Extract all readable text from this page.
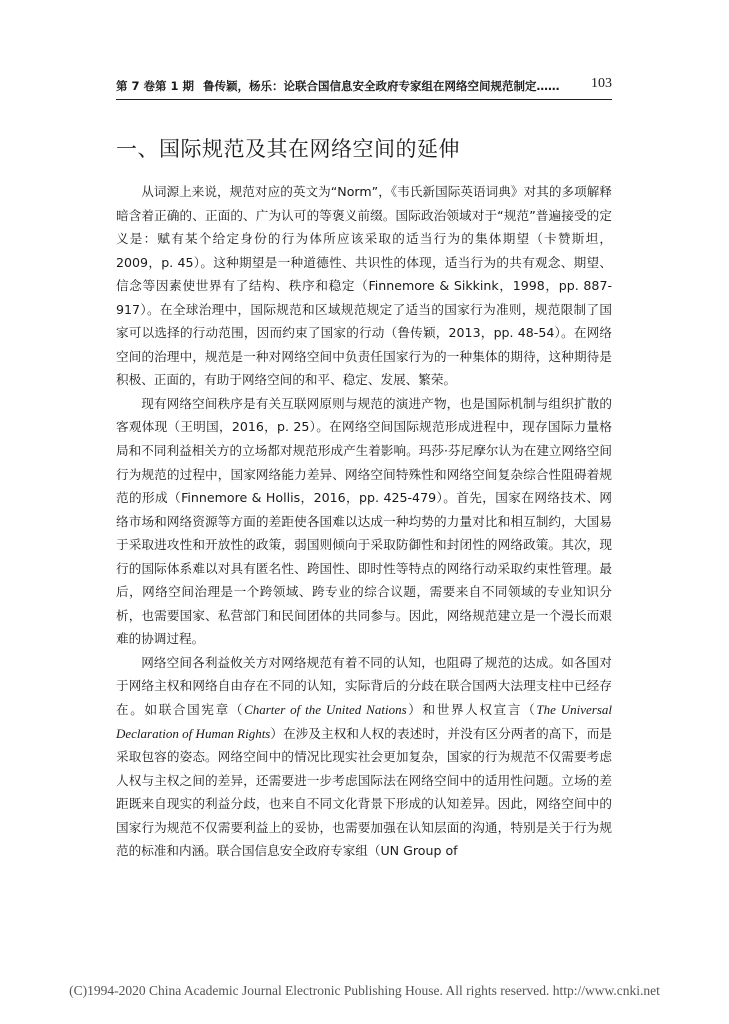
第 7 卷第 1 期 鲁传颖，杨乐：论联合国信息安全政府专家组在网络空间规范制定…… 103
一、国际规范及其在网络空间的延伸

从词源上来说，规范对应的英文为“Norm”，《韦氏新国际英语词典》对其的多项解释暗含着正确的、正面的、广为认可的等褒义前缀。国际政治领域对于“规范”普遍接受的定义是：赋有某个给定身份的行为体所应该采取的适当行为的集体期望（卡赞斯坦，2009，p. 45）。这种期望是一种道德性、共识性的体现，适当行为的共有观念、期望、信念等因素使世界有了结构、秩序和稳定（Finnemore & Sikkink，1998，pp. 887-917）。在全球治理中，国际规范和区域规范规定了适当的国家行为准则，规范限制了国家可以选择的行动范围，因而约束了国家的行动（鲁传颖，2013，pp. 48-54）。在网络空间的治理中，规范是一种对网络空间中负责任国家行为的一种集体的期待，这种期待是积极、正面的，有助于网络空间的和平、稳定、发展、繁荣。

现有网络空间秩序是有关互联网原则与规范的演进产物，也是国际机制与组织扩散的客观体现（王明国，2016，p. 25）。在网络空间国际规范形成进程中，现存国际力量格局和不同利益相关方的立场都对规范形成产生着影响。玛莎·芬尼摩尔认为在建立网络空间行为规范的过程中，国家网络能力差异、网络空间特殊性和网络空间复杂综合性阻碍着规范的形成（Finnemore & Hollis，2016，pp. 425-479）。首先，国家在网络技术、网络市场和网络资源等方面的差距使各国难以达成一种均势的力量对比和相互制约，大国易于采取进攻性和开放性的政策，弱国则倾向于采取防御性和封闭性的网络政策。其次，现行的国际体系难以对具有匿名性、跨国性、即时性等特点的网络行动采取约束性管理。最后，网络空间治理是一个跨领域、跨专业的综合议题，需要来自不同领域的专业知识分析，也需要国家、私营部门和民间团体的共同参与。因此，网络规范建立是一个漫长而艰难的协调过程。

网络空间各利益攸关方对网络规范有着不同的认知，也阻碍了规范的达成。如各国对于网络主权和网络自由存在不同的认知，实际背后的分歧在联合国两大法理支柱中已经存在。如联合国宪章（Charter of the United Nations）和世界人权宣言（The Universal Declaration of Human Rights）在涉及主权和人权的表述时，并没有区分两者的高下，而是采取包容的姿态。网络空间中的情况比现实社会更加复杂，国家的行为规范不仅需要考虑人权与主权之间的差异，还需要进一步考虑国际法在网络空间中的适用性问题。立场的差距既来自现实的利益分歧，也来自不同文化背景下形成的认知差异。因此，网络空间中的国家行为规范不仅需要利益上的妥协，也需要加强在认知层面的沟通，特别是关于行为规范的标准和内涵。联合国信息安全政府专家组（UN Group of

(C)1994-2020 China Academic Journal Electronic Publishing House. All rights reserved. http://www.cnki.net
